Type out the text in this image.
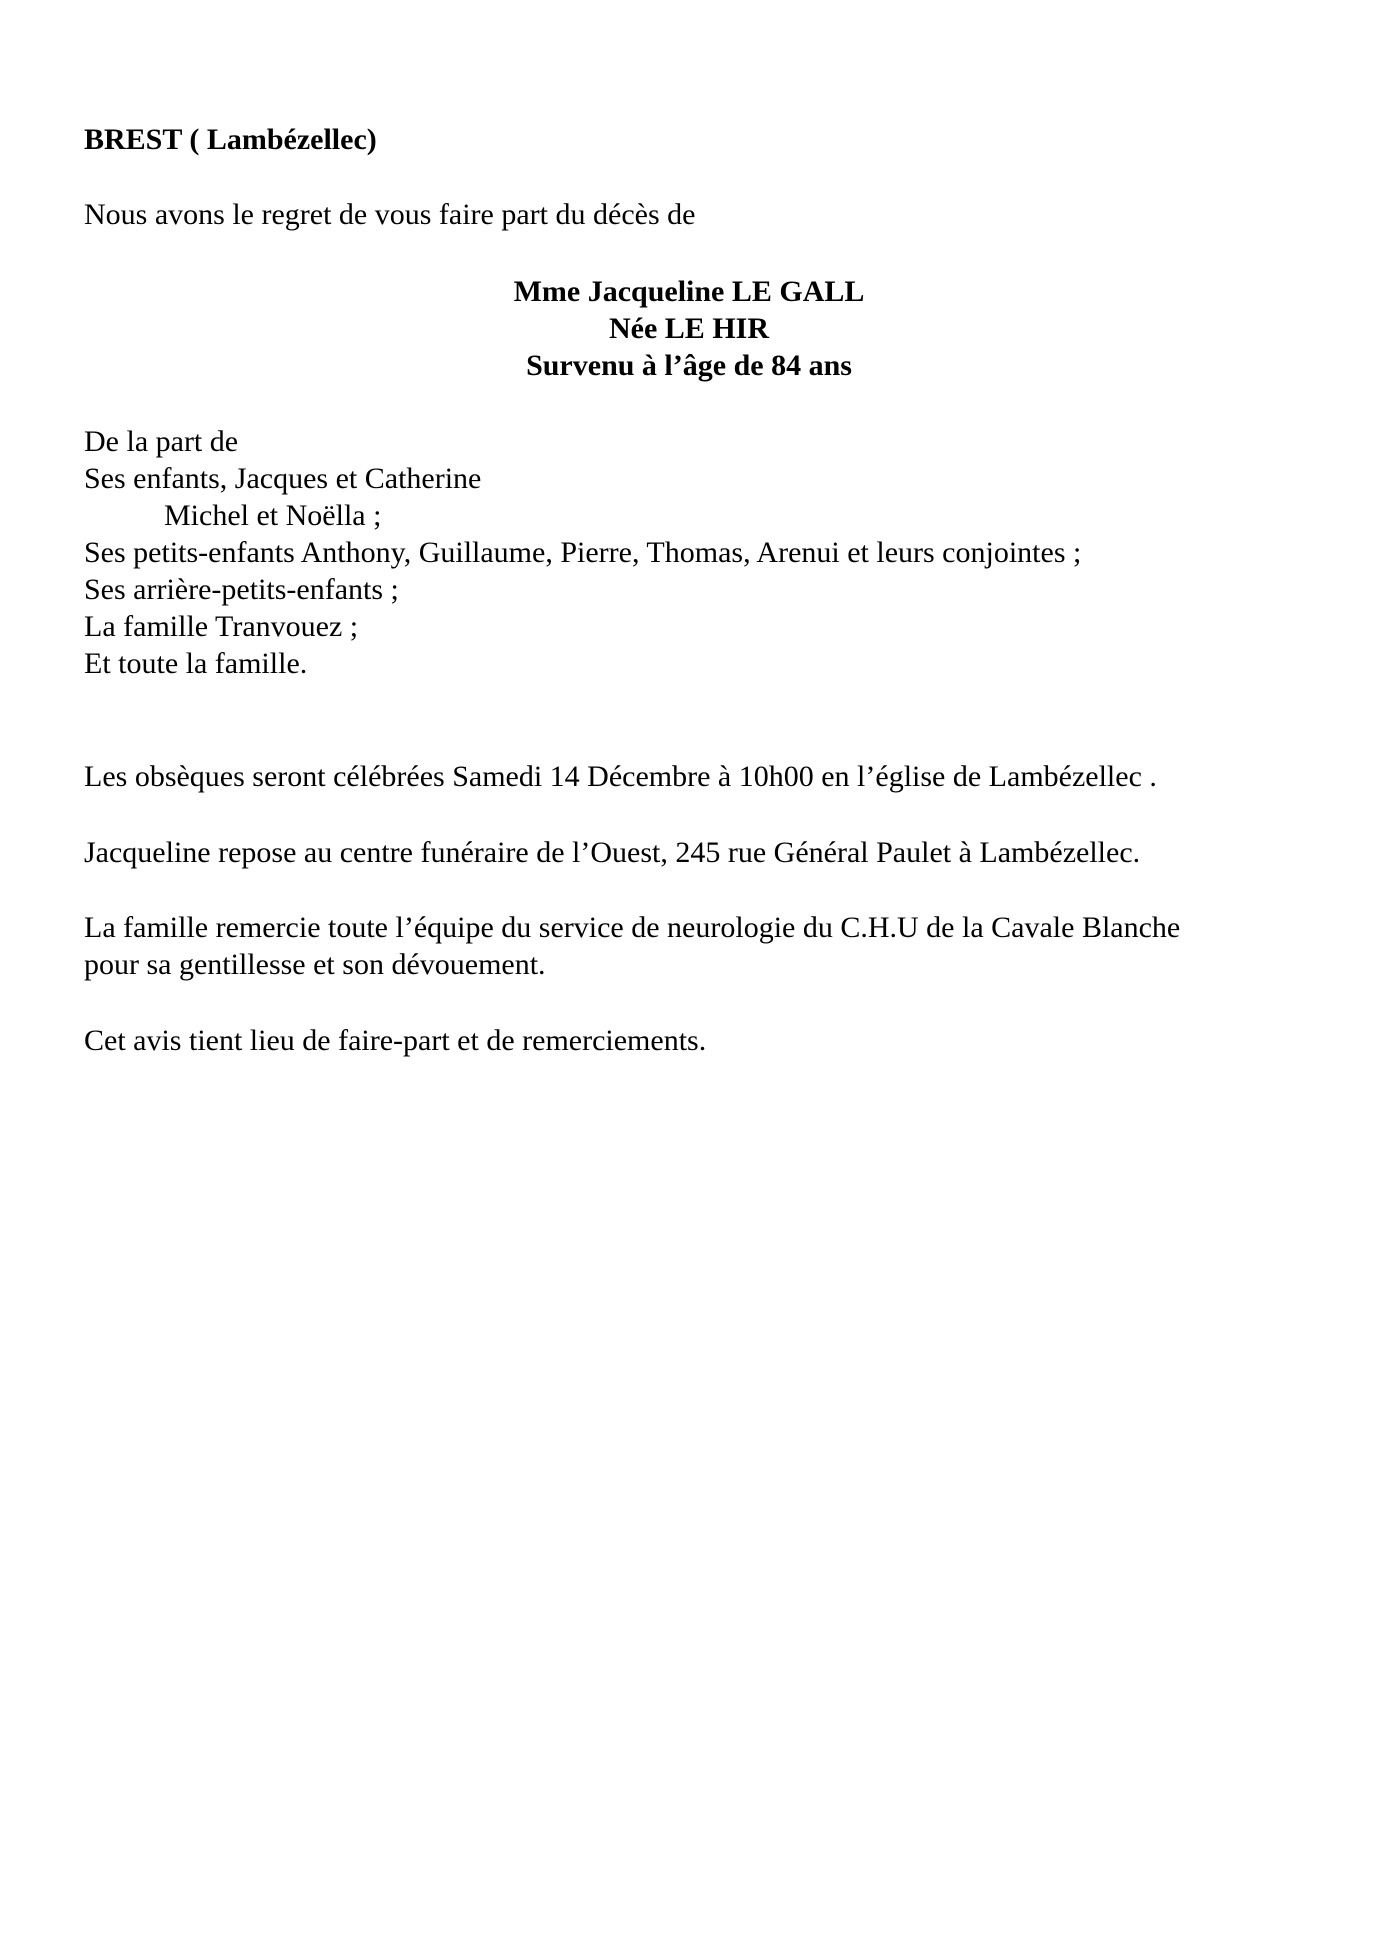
BREST ( Lambézellec)

Nous avons le regret de vous faire part du décès de

Mme Jacqueline LE GALL

Née LE HIR

Survenu à l’âge de 84 ans

De la part de

Ses enfants, Jacques et Catherine

Michel et Noëlla ;

Ses petits-enfants Anthony, Guillaume, Pierre, Thomas, Arenui et leurs conjointes ;

Ses arrière-petits-enfants ;

La famille Tranvouez ;

Et toute la famille.

Les obsèques seront célébrées Samedi 14 Décembre à 10h00 en l’église de Lambézellec .

Jacqueline repose au centre funéraire de l’Ouest, 245 rue Général Paulet à Lambézellec.

La famille remercie toute l’équipe du service de neurologie du C.H.U de la Cavale Blanche

pour sa gentillesse et son dévouement.

Cet avis tient lieu de faire-part et de remerciements.
